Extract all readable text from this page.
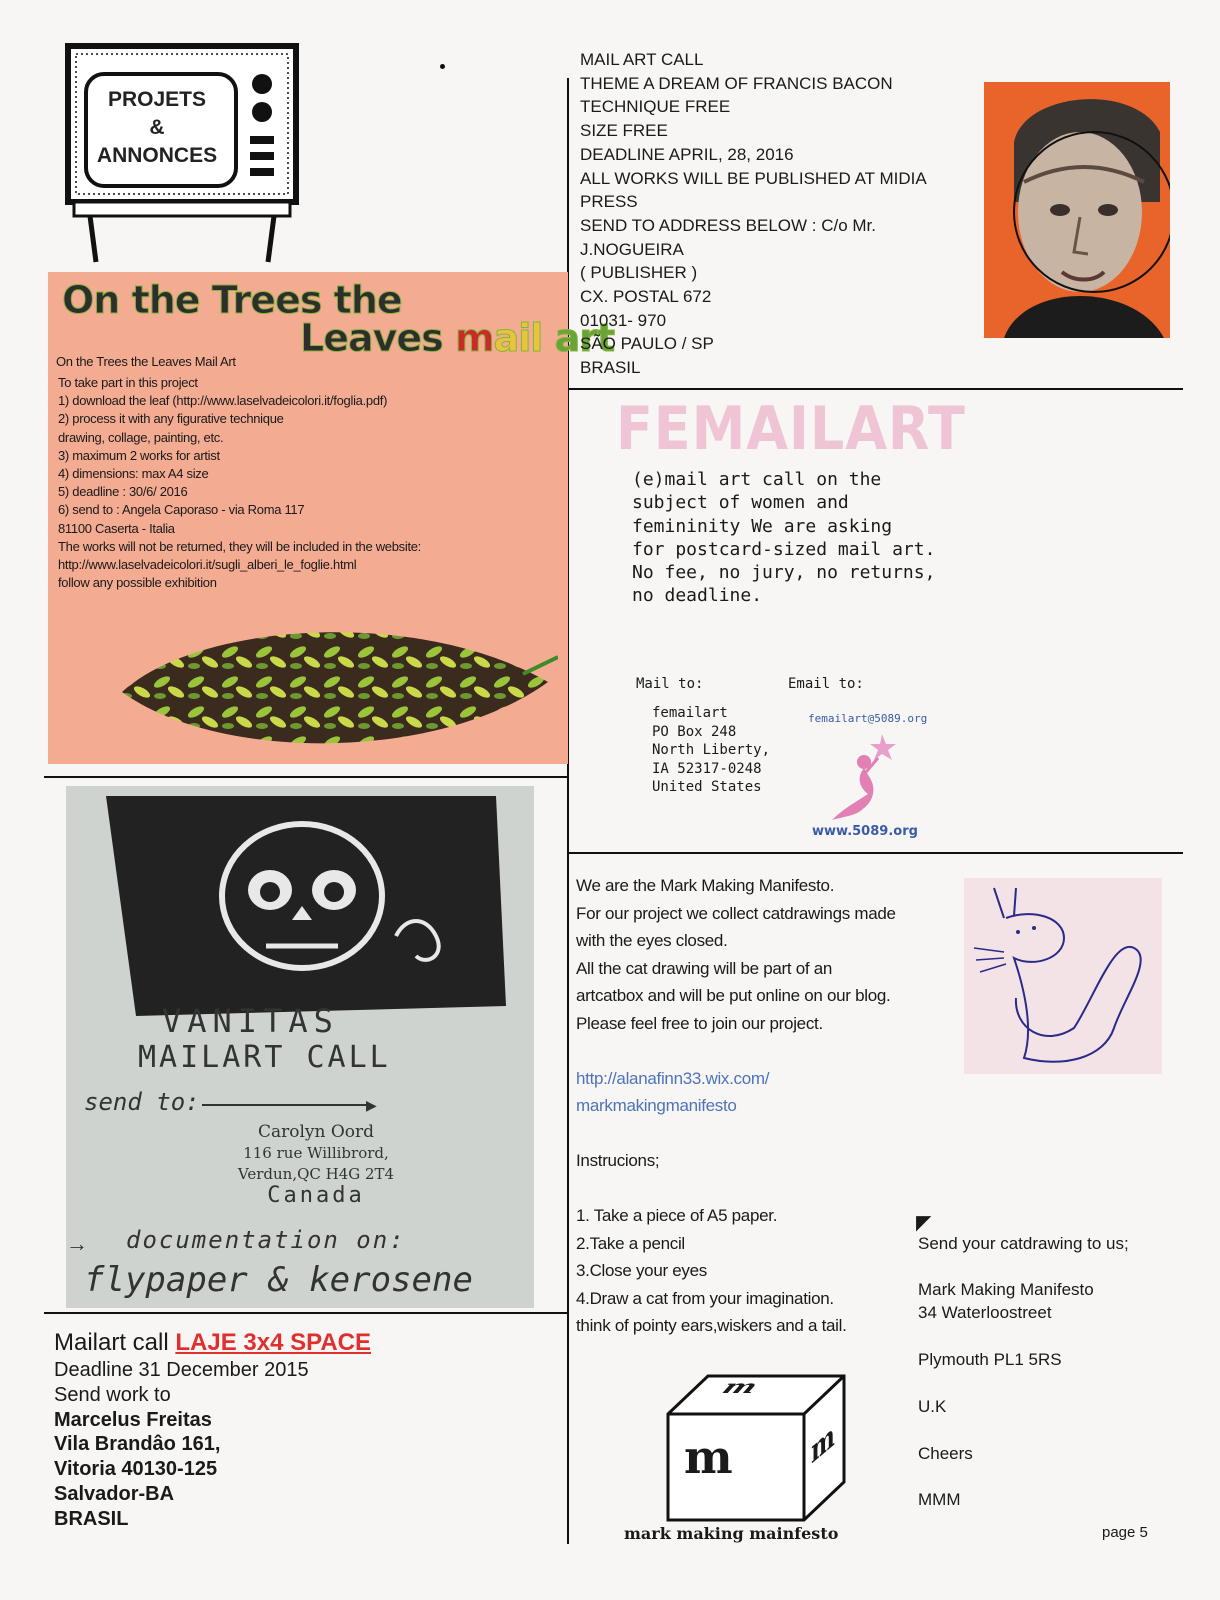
PROJETS
&
ANNONCES
On the Trees the
Leaves mail art
On the Trees the Leaves Mail Art
To take part in this project
1) download the leaf (http://www.laselvadeicolori.it/foglia.pdf)
2) process it with any figurative technique
drawing, collage, painting, etc.
3) maximum 2 works for artist
4) dimensions: max A4 size
5) deadline : 30/6/ 2016
6) send to : Angela Caporaso - via Roma 117
81100 Caserta - Italia
The works will not be returned, they will be included in the website:
http://www.laselvadeicolori.it/sugli_alberi_le_foglie.html
follow any possible exhibition
MAIL ART CALL
THEME A DREAM OF FRANCIS BACON
TECHNIQUE FREE
SIZE FREE
DEADLINE APRIL, 28, 2016
ALL WORKS WILL BE PUBLISHED AT MIDIA
PRESS
SEND TO ADDRESS BELOW : C/o Mr.
J.NOGUEIRA
( PUBLISHER )
CX. POSTAL 672
01031- 970
SÃO PAULO / SP
BRASIL
FEMAILART
(e)mail art call on the
subject of women and
femininity We are asking
for postcard-sized mail art.
No fee, no jury, no returns,
no deadline.
Mail to:	Email to:
femailart
PO Box 248
North Liberty,
IA 52317-0248
United States
femailart@5089.org
www.5089.org
VANITAS
MAILART CALL
send to:	▶
Carolyn Oord
116 rue Willibrord,
Verdun,QC H4G 2T4
Canada
→ documentation on:
flypaper & kerosene
Mailart call LAJE 3x4 SPACE
Deadline 31 December 2015
Send work to
Marcelus Freitas
Vila Brandâo 161,
Vitoria 40130-125
Salvador-BA
BRASIL
We are the Mark Making Manifesto.
For our project we collect catdrawings made
with the eyes closed.
All the cat drawing will be part of an
artcatbox and will be put online on our blog.
Please feel free to join our project.
http://alanafinn33.wix.com/
markmakingmanifesto
Instrucions;
1. Take a piece of A5 paper.
2.Take a pencil
3.Close your eyes
4.Draw a cat from your imagination.
think of pointy ears,wiskers and a tail.
◤
Send your catdrawing to us;
Mark Making Manifesto
34 Waterloostreet
Plymouth PL1 5RS
U.K
Cheers
MMM
m
m m
mark making mainfesto	page 5
